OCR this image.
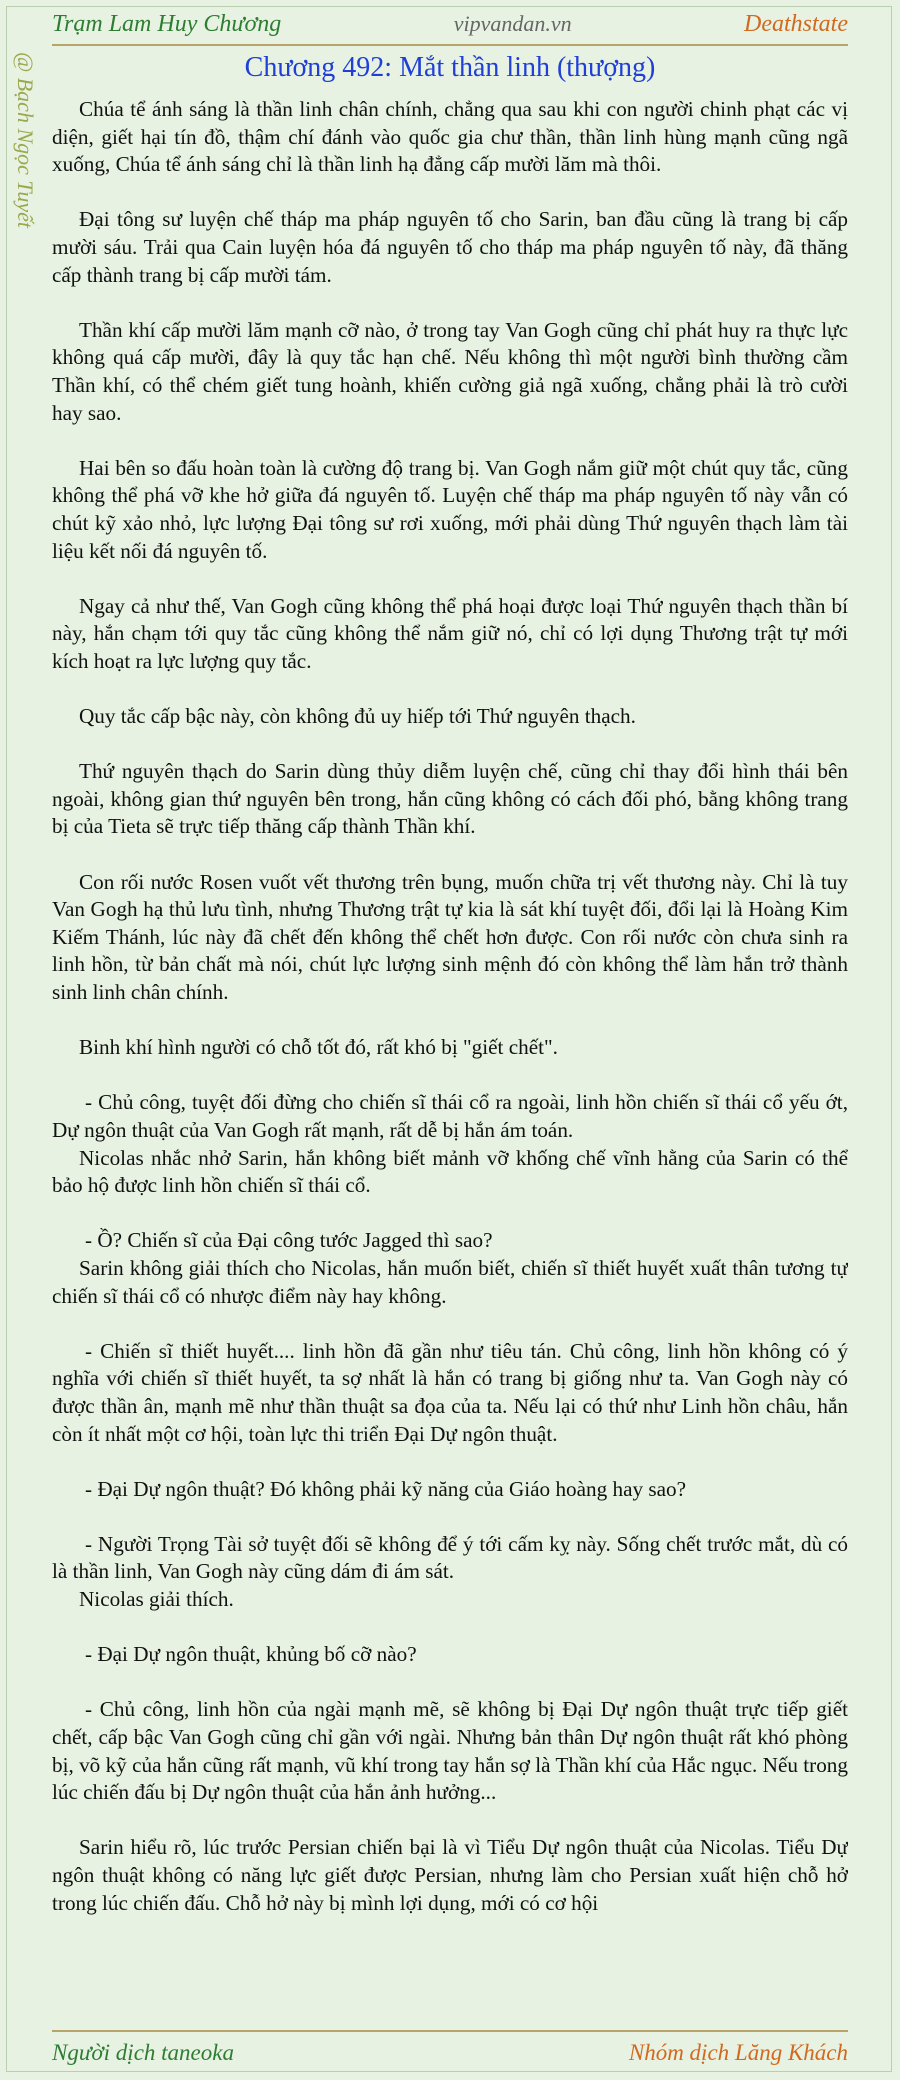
Trạm Lam Huy Chương	vipvandan.vn	Deathstate
@ Bạch Ngọc Tuyết	Chương 492: Mắt thần linh (thượng)

Chúa tể ánh sáng là thần linh chân chính, chẳng qua sau khi con người chinh phạt các vị diện, giết hại tín đồ, thậm chí đánh vào quốc gia chư thần, thần linh hùng mạnh cũng ngã xuống, Chúa tể ánh sáng chỉ là thần linh hạ đẳng cấp mười lăm mà thôi.

Đại tông sư luyện chế tháp ma pháp nguyên tố cho Sarin, ban đầu cũng là trang bị cấp mười sáu. Trải qua Cain luyện hóa đá nguyên tố cho tháp ma pháp nguyên tố này, đã thăng cấp thành trang bị cấp mười tám.

Thần khí cấp mười lăm mạnh cỡ nào, ở trong tay Van Gogh cũng chỉ phát huy ra thực lực không quá cấp mười, đây là quy tắc hạn chế. Nếu không thì một người bình thường cầm Thần khí, có thể chém giết tung hoành, khiến cường giả ngã xuống, chẳng phải là trò cười hay sao.

Hai bên so đấu hoàn toàn là cường độ trang bị. Van Gogh nắm giữ một chút quy tắc, cũng không thể phá vỡ khe hở giữa đá nguyên tố. Luyện chế tháp ma pháp nguyên tố này vẫn có chút kỹ xảo nhỏ, lực lượng Đại tông sư rơi xuống, mới phải dùng Thứ nguyên thạch làm tài liệu kết nối đá nguyên tố.

Ngay cả như thế, Van Gogh cũng không thể phá hoại được loại Thứ nguyên thạch thần bí này, hắn chạm tới quy tắc cũng không thể nắm giữ nó, chỉ có lợi dụng Thương trật tự mới kích hoạt ra lực lượng quy tắc.

Quy tắc cấp bậc này, còn không đủ uy hiếp tới Thứ nguyên thạch.

Thứ nguyên thạch do Sarin dùng thủy diễm luyện chế, cũng chỉ thay đổi hình thái bên ngoài, không gian thứ nguyên bên trong, hắn cũng không có cách đối phó, bằng không trang bị của Tieta sẽ trực tiếp thăng cấp thành Thần khí.

Con rối nước Rosen vuốt vết thương trên bụng, muốn chữa trị vết thương này. Chỉ là tuy Van Gogh hạ thủ lưu tình, nhưng Thương trật tự kia là sát khí tuyệt đối, đổi lại là Hoàng Kim Kiếm Thánh, lúc này đã chết đến không thể chết hơn được. Con rối nước còn chưa sinh ra linh hồn, từ bản chất mà nói, chút lực lượng sinh mệnh đó còn không thể làm hắn trở thành sinh linh chân chính.

Binh khí hình người có chỗ tốt đó, rất khó bị "giết chết".

- Chủ công, tuyệt đối đừng cho chiến sĩ thái cổ ra ngoài, linh hồn chiến sĩ thái cổ yếu ớt, Dự ngôn thuật của Van Gogh rất mạnh, rất dễ bị hắn ám toán.

Nicolas nhắc nhở Sarin, hắn không biết mảnh vỡ khống chế vĩnh hằng của Sarin có thể bảo hộ được linh hồn chiến sĩ thái cổ.

- Ồ? Chiến sĩ của Đại công tước Jagged thì sao?

Sarin không giải thích cho Nicolas, hắn muốn biết, chiến sĩ thiết huyết xuất thân tương tự chiến sĩ thái cổ có nhược điểm này hay không.

- Chiến sĩ thiết huyết.... linh hồn đã gần như tiêu tán. Chủ công, linh hồn không có ý nghĩa với chiến sĩ thiết huyết, ta sợ nhất là hắn có trang bị giống như ta. Van Gogh này có được thần ân, mạnh mẽ như thần thuật sa đọa của ta. Nếu lại có thứ như Linh hồn châu, hắn còn ít nhất một cơ hội, toàn lực thi triển Đại Dự ngôn thuật.

- Đại Dự ngôn thuật? Đó không phải kỹ năng của Giáo hoàng hay sao?

- Người Trọng Tài sở tuyệt đối sẽ không để ý tới cấm kỵ này. Sống chết trước mắt, dù có là thần linh, Van Gogh này cũng dám đi ám sát.

Nicolas giải thích.

- Đại Dự ngôn thuật, khủng bố cỡ nào?

- Chủ công, linh hồn của ngài mạnh mẽ, sẽ không bị Đại Dự ngôn thuật trực tiếp giết chết, cấp bậc Van Gogh cũng chỉ gần với ngài. Nhưng bản thân Dự ngôn thuật rất khó phòng bị, võ kỹ của hắn cũng rất mạnh, vũ khí trong tay hắn sợ là Thần khí của Hắc ngục. Nếu trong lúc chiến đấu bị Dự ngôn thuật của hắn ảnh hưởng...

Sarin hiểu rõ, lúc trước Persian chiến bại là vì Tiểu Dự ngôn thuật của Nicolas. Tiểu Dự ngôn thuật không có năng lực giết được Persian, nhưng làm cho Persian xuất hiện chỗ hở trong lúc chiến đấu. Chỗ hở này bị mình lợi dụng, mới có cơ hội

Người dịch taneoka	Nhóm dịch Lăng Khách
